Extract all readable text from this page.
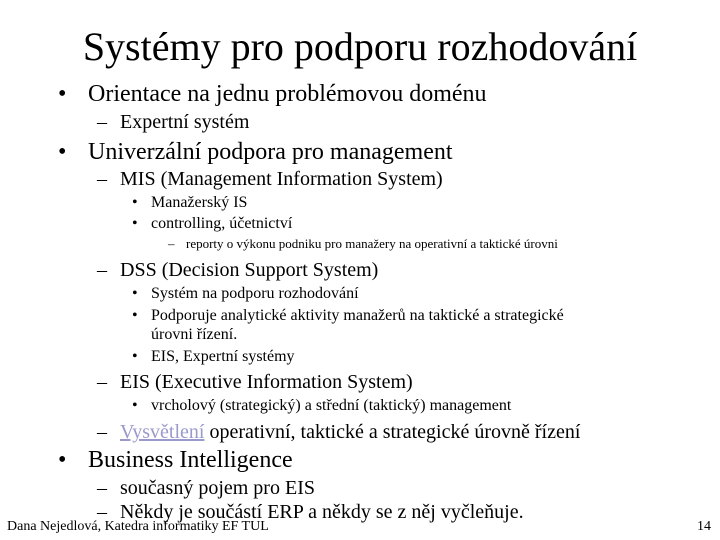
Systémy pro podporu rozhodování
• Orientace na jednu problémovou doménu
– Expertní systém
• Univerzální podpora pro management
– MIS (Management Information System)
• Manažerský IS
• controlling, účetnictví
– reporty o výkonu podniku pro manažery na operativní a taktické úrovni
– DSS (Decision Support System)
• Systém na podporu rozhodování
• Podporuje analytické aktivity manažerů na taktické a strategické
úrovni řízení.
• EIS, Expertní systémy
– EIS (Executive Information System)
• vrcholový (strategický) a střední (taktický) management
– Vysvětlení operativní, taktické a strategické úrovně řízení
• Business Intelligence
– současný pojem pro EIS
– Někdy je součástí ERP a někdy se z něj vyčleňuje.
Dana Nejedlová, Katedra informatiky EF TUL	14
